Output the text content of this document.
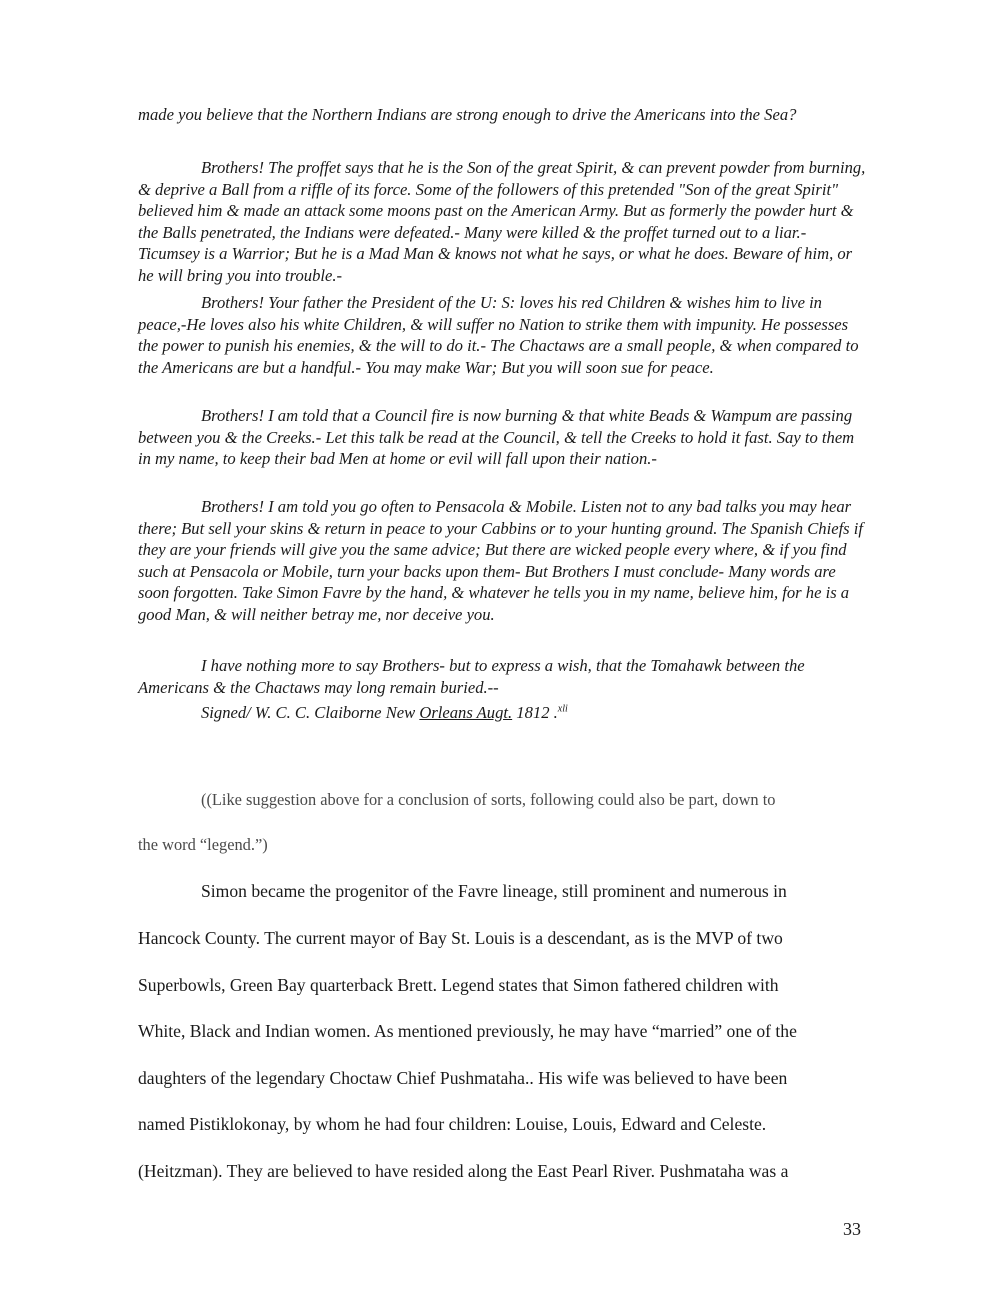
made you believe that the Northern Indians are strong enough to drive the Americans into the Sea?

Brothers! The proffet says that he is the Son of the great Spirit, & can prevent powder from burning, & deprive a Ball from a riffle of its force. Some of the followers of this pretended "Son of the great Spirit" believed him & made an attack some moons past on the American Army. But as formerly the powder hurt & the Balls penetrated, the Indians were defeated.- Many were killed & the proffet turned out to a liar.- Ticumsey is a Warrior; But he is a Mad Man & knows not what he says, or what he does. Beware of him, or he will bring you into trouble.-

Brothers! Your father the President of the U: S: loves his red Children & wishes him to live in peace,-He loves also his white Children, & will suffer no Nation to strike them with impunity. He possesses the power to punish his enemies, & the will to do it.- The Chactaws are a small people, & when compared to the Americans are but a handful.- You may make War; But you will soon sue for peace.

Brothers! I am told that a Council fire is now burning & that white Beads & Wampum are passing between you & the Creeks.- Let this talk be read at the Council, & tell the Creeks to hold it fast. Say to them in my name, to keep their bad Men at home or evil will fall upon their nation.-

Brothers! I am told you go often to Pensacola & Mobile. Listen not to any bad talks you may hear there; But sell your skins & return in peace to your Cabbins or to your hunting ground. The Spanish Chiefs if they are your friends will give you the same advice; But there are wicked people every where, & if you find such at Pensacola or Mobile, turn your backs upon them- But Brothers I must conclude- Many words are soon forgotten. Take Simon Favre by the hand, & whatever he tells you in my name, believe him, for he is a good Man, & will neither betray me, nor deceive you.

I have nothing more to say Brothers- but to express a wish, that the Tomahawk between the Americans & the Chactaws may long remain buried.--

Signed/ W. C. C. Claiborne New Orleans Augt. 1812 .$^{xli}$

((Like suggestion above for a conclusion of sorts, following could also be part, down to

the word “legend.”)

Simon became the progenitor of the Favre lineage, still prominent and numerous in

Hancock County. The current mayor of Bay St. Louis is a descendant, as is the MVP of two

Superbowls, Green Bay quarterback Brett. Legend states that Simon fathered children with

White, Black and Indian women. As mentioned previously, he may have “married” one of the

daughters of the legendary Choctaw Chief Pushmataha.. His wife was believed to have been

named Pistiklokonay, by whom he had four children: Louise, Louis, Edward and Celeste.

(Heitzman). They are believed to have resided along the East Pearl River. Pushmataha was a

33
